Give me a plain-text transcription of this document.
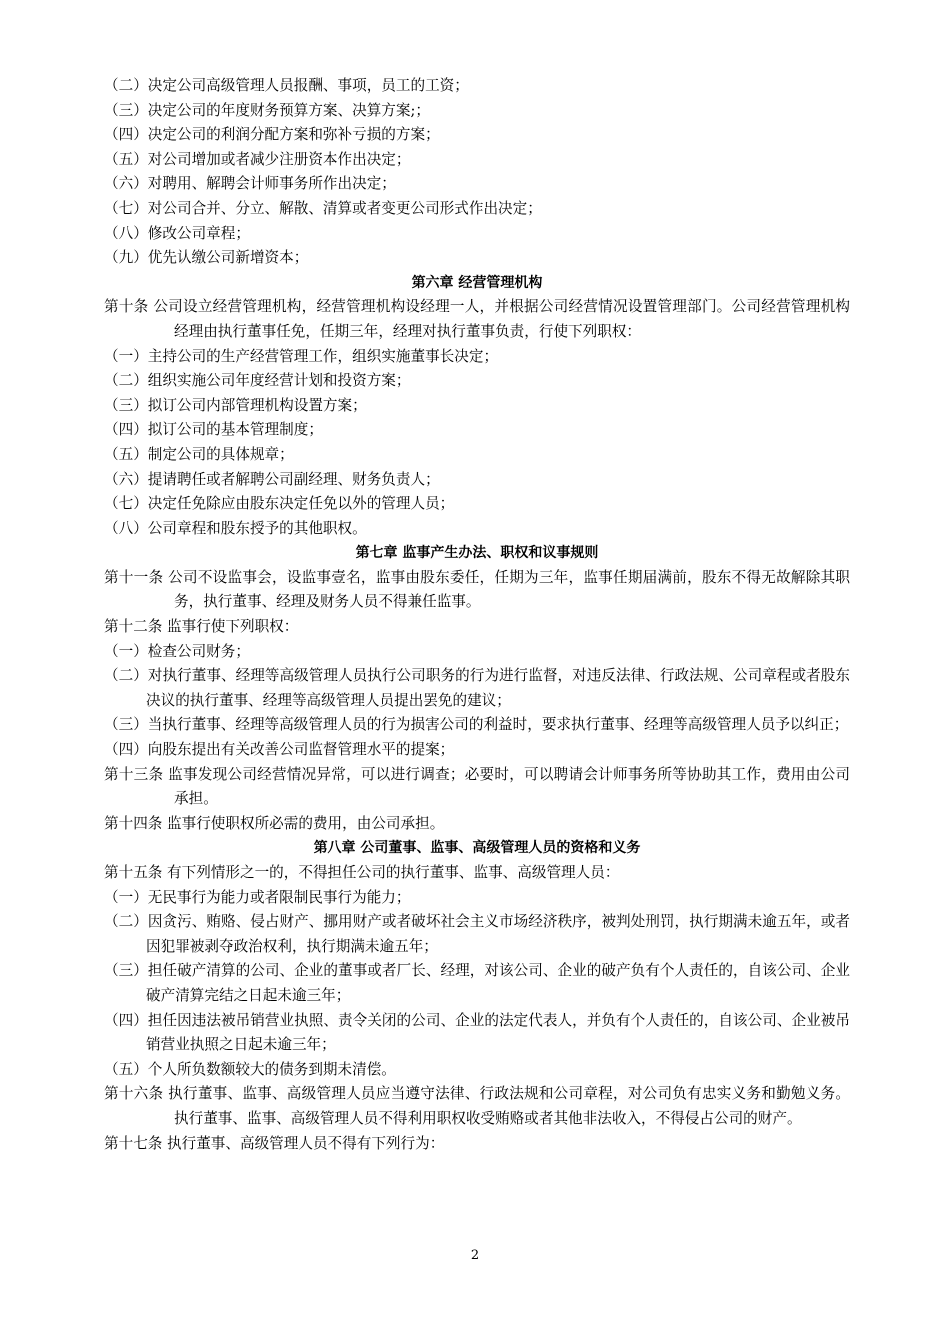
（二）决定公司高级管理人员报酬、事项，员工的工资；
（三）决定公司的年度财务预算方案、决算方案;；
（四）决定公司的利润分配方案和弥补亏损的方案；
（五）对公司增加或者减少注册资本作出决定；
（六）对聘用、解聘会计师事务所作出决定；
（七）对公司合并、分立、解散、清算或者变更公司形式作出决定；
（八）修改公司章程；
（九）优先认缴公司新增资本；
第六章 经营管理机构
第十条 公司设立经营管理机构，经营管理机构设经理一人，并根据公司经营情况设置管理部门。公司经营管理机构经理由执行董事任免，任期三年，经理对执行董事负责，行使下列职权：
（一）主持公司的生产经营管理工作，组织实施董事长决定；
（二）组织实施公司年度经营计划和投资方案；
（三）拟订公司内部管理机构设置方案；
（四）拟订公司的基本管理制度；
（五）制定公司的具体规章；
（六）提请聘任或者解聘公司副经理、财务负责人；
（七）决定任免除应由股东决定任免以外的管理人员；
（八）公司章程和股东授予的其他职权。
第七章 监事产生办法、职权和议事规则
第十一条 公司不设监事会，设监事壹名，监事由股东委任，任期为三年，监事任期届满前，股东不得无故解除其职务，执行董事、经理及财务人员不得兼任监事。
第十二条 监事行使下列职权：
（一）检查公司财务；
（二）对执行董事、经理等高级管理人员执行公司职务的行为进行监督，对违反法律、行政法规、公司章程或者股东决议的执行董事、经理等高级管理人员提出罢免的建议；
（三）当执行董事、经理等高级管理人员的行为损害公司的利益时，要求执行董事、经理等高级管理人员予以纠正；
（四）向股东提出有关改善公司监督管理水平的提案；
第十三条 监事发现公司经营情况异常，可以进行调查；必要时，可以聘请会计师事务所等协助其工作，费用由公司承担。
第十四条 监事行使职权所必需的费用，由公司承担。
第八章 公司董事、监事、高级管理人员的资格和义务
第十五条 有下列情形之一的，不得担任公司的执行董事、监事、高级管理人员：
（一）无民事行为能力或者限制民事行为能力；
（二）因贪污、贿赂、侵占财产、挪用财产或者破坏社会主义市场经济秩序，被判处刑罚，执行期满未逾五年，或者因犯罪被剥夺政治权利，执行期满未逾五年；
（三）担任破产清算的公司、企业的董事或者厂长、经理，对该公司、企业的破产负有个人责任的，自该公司、企业破产清算完结之日起未逾三年；
（四）担任因违法被吊销营业执照、责令关闭的公司、企业的法定代表人，并负有个人责任的，自该公司、企业被吊销营业执照之日起未逾三年；
（五）个人所负数额较大的债务到期未清偿。
第十六条 执行董事、监事、高级管理人员应当遵守法律、行政法规和公司章程，对公司负有忠实义务和勤勉义务。执行董事、监事、高级管理人员不得利用职权收受贿赂或者其他非法收入，不得侵占公司的财产。
第十七条 执行董事、高级管理人员不得有下列行为：
2
